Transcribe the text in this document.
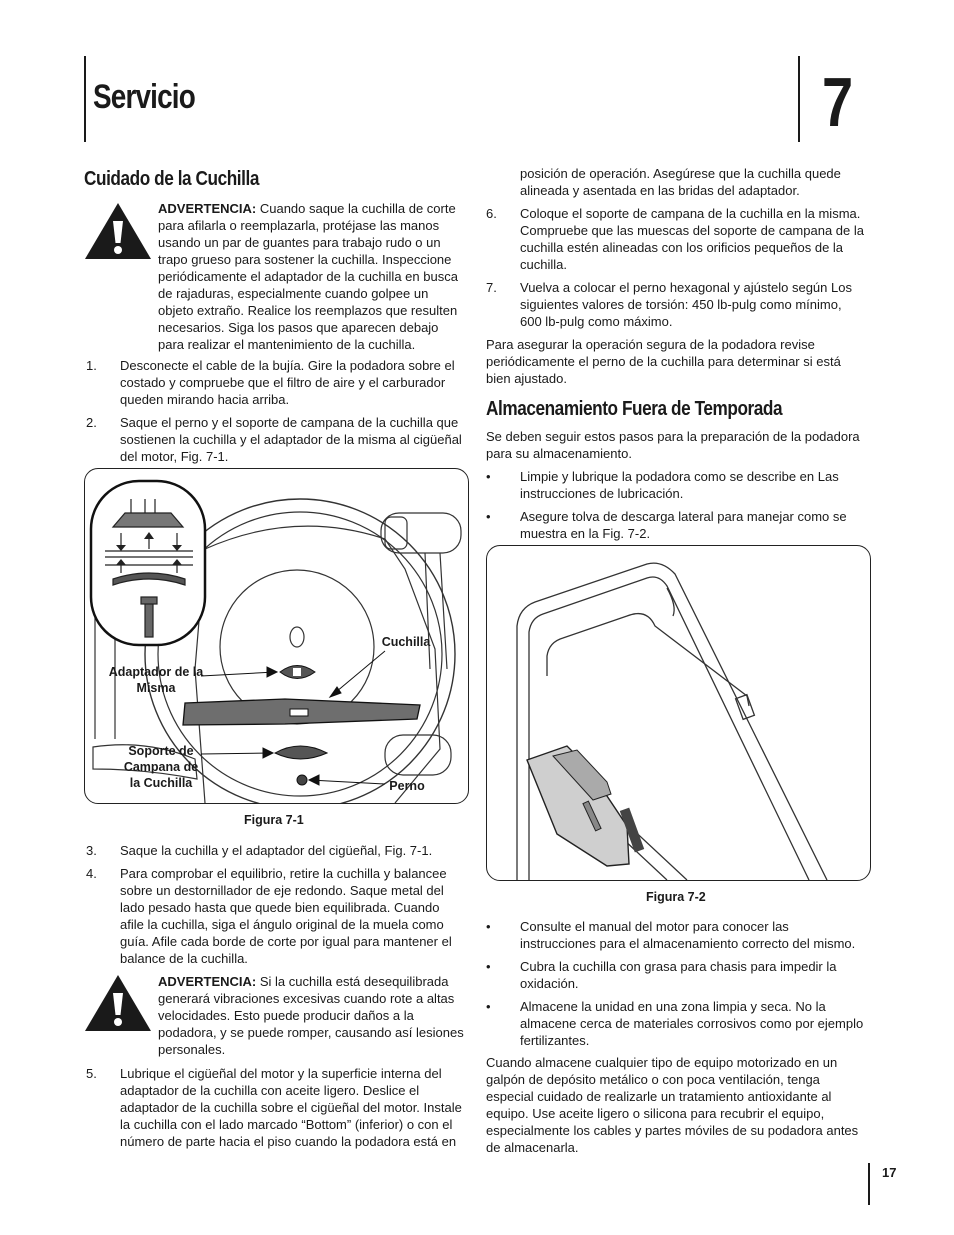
Servicio	7
Cuidado de la Cuchilla
ADVERTENCIA: Cuando saque la cuchilla de corte para afilarla o reemplazarla, protéjase las manos usando un par de guantes para trabajo rudo o un trapo grueso para sostener la cuchilla. Inspeccione periódicamente el adaptador de la cuchilla en busca de rajaduras, especialmente cuando golpee un objeto extraño. Realice los reemplazos que resulten necesarios. Siga los pasos que aparecen debajo para realizar el mantenimiento de la cuchilla.
1. Desconecte el cable de la bujía. Gire la podadora sobre el costado y compruebe que el filtro de aire y el carburador queden mirando hacia arriba.
2. Saque el perno y el soporte de campana de la cuchilla que sostienen la cuchilla y el adaptador de la misma al cigüeñal del motor, Fig. 7-1.
Cuchilla
Adaptador de la Misma
Soporte de Campana de la Cuchilla	Perno
Figura 7-1
3. Saque la cuchilla y el adaptador del cigüeñal, Fig. 7-1.
4. Para comprobar el equilibrio, retire la cuchilla y balancee sobre un destornillador de eje redondo. Saque metal del lado pesado hasta que quede bien equilibrada. Cuando afile la cuchilla, siga el ángulo original de la muela como guía. Afile cada borde de corte por igual para mantener el balance de la cuchilla.
ADVERTENCIA: Si la cuchilla está desequilibrada generará vibraciones excesivas cuando rote a altas velocidades. Esto puede producir daños a la podadora, y se puede romper, causando así lesiones personales.
5. Lubrique el cigüeñal del motor y la superficie interna del adaptador de la cuchilla con aceite ligero. Deslice el adaptador de la cuchilla sobre el cigüeñal del motor. Instale la cuchilla con el lado marcado “Bottom” (inferior) o con el número de parte hacia el piso cuando la podadora está en
posición de operación. Asegúrese que la cuchilla quede alineada y asentada en las bridas del adaptador.
6. Coloque el soporte de campana de la cuchilla en la misma. Compruebe que las muescas del soporte de campana de la cuchilla estén alineadas con los orificios pequeños de la cuchilla.
7. Vuelva a colocar el perno hexagonal y ajústelo según Los siguientes valores de torsión: 450 lb-pulg como mínimo, 600 lb-pulg como máximo.
Para asegurar la operación segura de la podadora revise periódicamente el perno de la cuchilla para determinar si está bien ajustado.
Almacenamiento Fuera de Temporada
Se deben seguir estos pasos para la preparación de la podadora para su almacenamiento.
• Limpie y lubrique la podadora como se describe en Las instrucciones de lubricación.
• Asegure tolva de descarga lateral para manejar como se muestra en la Fig. 7-2.
Figura 7-2
• Consulte el manual del motor para conocer las instrucciones para el almacenamiento correcto del mismo.
• Cubra la cuchilla con grasa para chasis para impedir la oxidación.
• Almacene la unidad en una zona limpia y seca. No la almacene cerca de materiales corrosivos como por ejemplo fertilizantes.
Cuando almacene cualquier tipo de equipo motorizado en un galpón de depósito metálico o con poca ventilación, tenga especial cuidado de realizarle un tratamiento antioxidante al equipo. Use aceite ligero o silicona para recubrir el equipo, especialmente los cables y partes móviles de su podadora antes de almacenarla.
17
